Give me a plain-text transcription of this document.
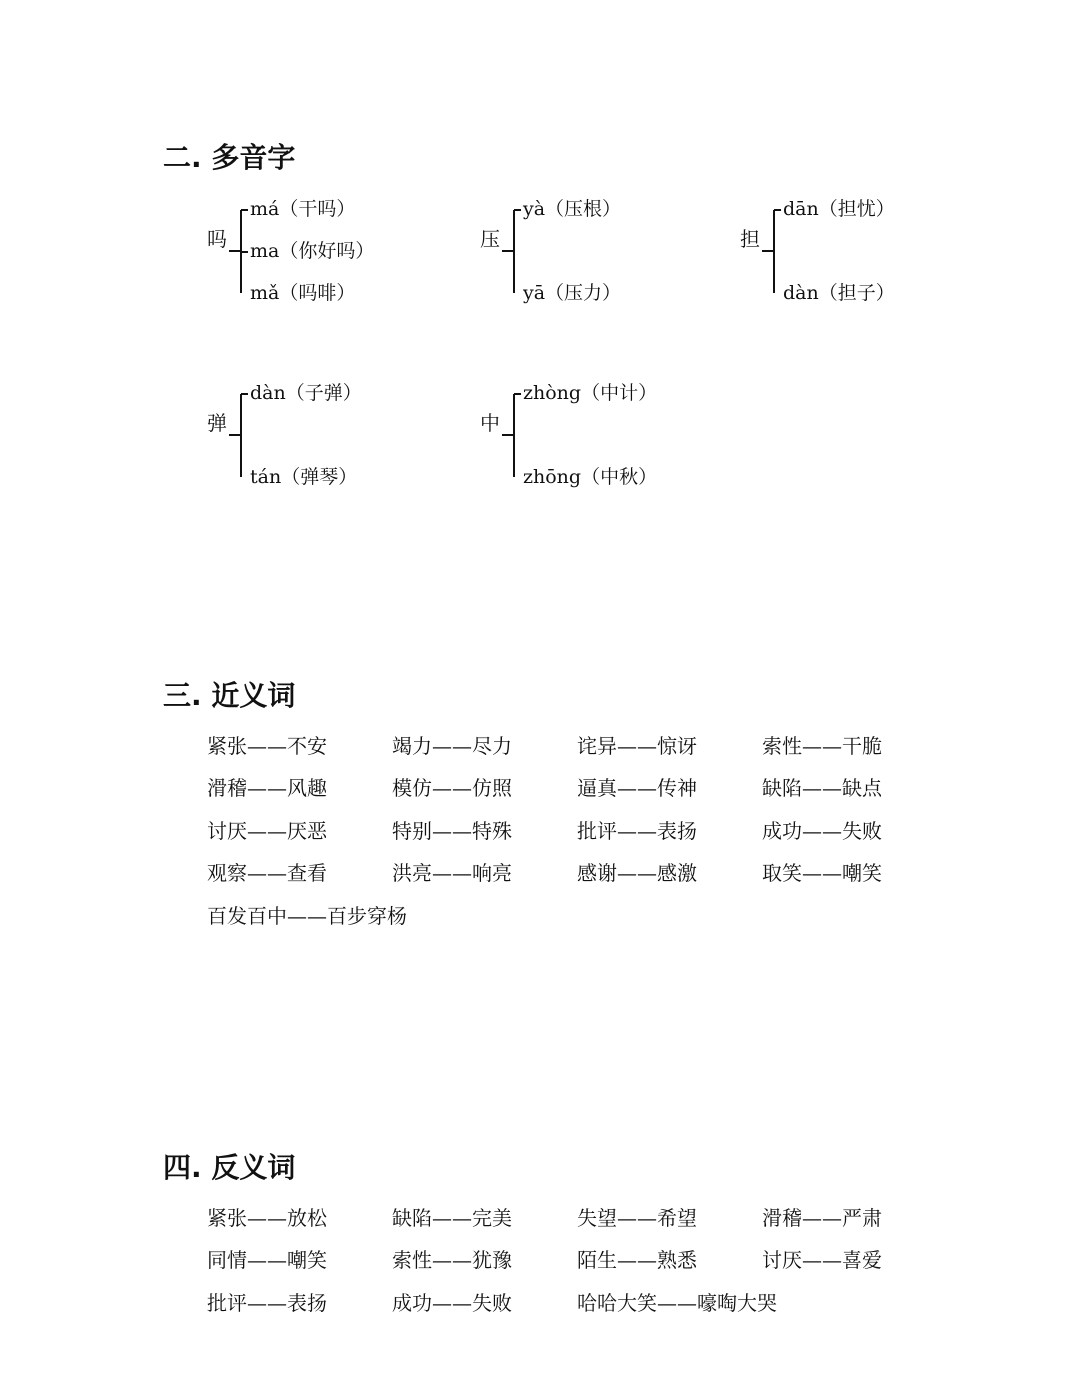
二. 多音字
吗
má（干吗）
ma（你好吗）
mǎ（吗啡）
压
yà（压根）
yā（压力）
担
dān（担忧）
dàn（担子）
弹
dàn（子弹）
tán（弹琴）
中
zhòng（中计）
zhōng（中秋）
三. 近义词
紧张——不安	竭力——尽力	诧异——惊讶	索性——干脆
滑稽——风趣	模仿——仿照	逼真——传神	缺陷——缺点
讨厌——厌恶	特别——特殊	批评——表扬	成功——失败
观察——查看	洪亮——响亮	感谢——感激	取笑——嘲笑
百发百中——百步穿杨
四. 反义词
紧张——放松	缺陷——完美	失望——希望	滑稽——严肃
同情——嘲笑	索性——犹豫	陌生——熟悉	讨厌——喜爱
批评——表扬	成功——失败	哈哈大笑——嚎啕大哭
